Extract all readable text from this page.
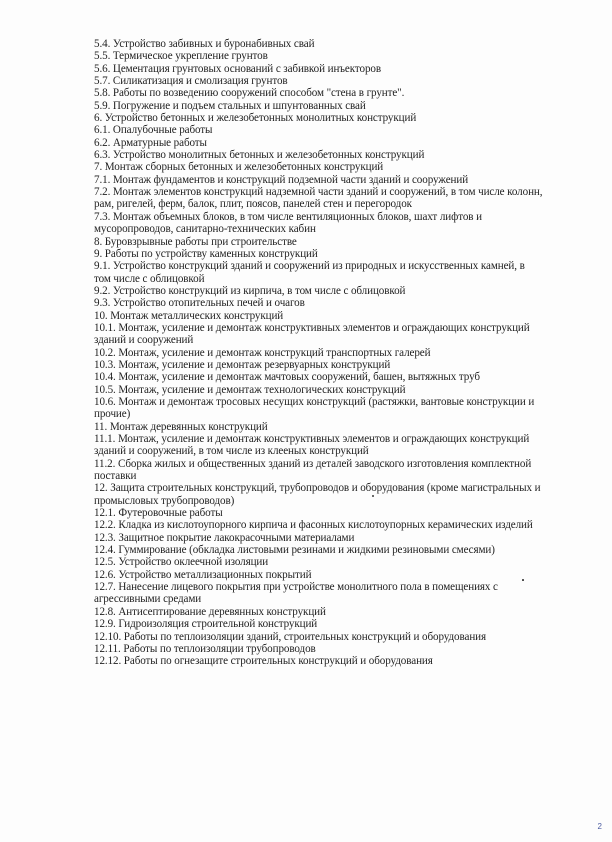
5.4. Устройство забивных и буронабивных свай
5.5. Термическое укрепление грунтов
5.6. Цементация грунтовых оснований с забивкой инъекторов
5.7. Силикатизация и смолизация грунтов
5.8. Работы по возведению сооружений способом "стена в грунте".
5.9. Погружение и подъем стальных и шпунтованных свай
6. Устройство бетонных и железобетонных монолитных конструкций
6.1. Опалубочные работы
6.2. Арматурные работы
6.3. Устройство монолитных бетонных и железобетонных конструкций
7. Монтаж сборных бетонных и железобетонных конструкций
7.1. Монтаж фундаментов и конструкций подземной части зданий и сооружений
7.2. Монтаж элементов конструкций надземной части зданий и сооружений, в том числе колонн, рам, ригелей, ферм, балок, плит, поясов, панелей стен и перегородок
7.3. Монтаж объемных блоков, в том числе вентиляционных блоков, шахт лифтов и мусоропроводов, санитарно-технических кабин
8. Буровзрывные работы при строительстве
9. Работы по устройству каменных конструкций
9.1. Устройство конструкций зданий и сооружений из природных и искусственных камней, в том числе с облицовкой
9.2. Устройство конструкций из кирпича, в том числе с облицовкой
9.3. Устройство отопительных печей и очагов
10. Монтаж металлических конструкций
10.1. Монтаж, усиление и демонтаж конструктивных элементов и ограждающих конструкций зданий и сооружений
10.2. Монтаж, усиление и демонтаж конструкций транспортных галерей
10.3. Монтаж, усиление и демонтаж резервуарных конструкций
10.4. Монтаж, усиление и демонтаж мачтовых сооружений, башен, вытяжных труб
10.5. Монтаж, усиление и демонтаж технологических конструкций
10.6. Монтаж и демонтаж тросовых несущих конструкций (растяжки, вантовые конструкции и прочие)
11. Монтаж деревянных конструкций
11.1. Монтаж, усиление и демонтаж конструктивных элементов и ограждающих конструкций зданий и сооружений, в том числе из клееных конструкций
11.2. Сборка жилых и общественных зданий из деталей заводского изготовления комплектной поставки
12. Защита строительных конструкций, трубопроводов и оборудования (кроме магистральных и промысловых трубопроводов)
12.1. Футеровочные работы
12.2. Кладка из кислотоупорного кирпича и фасонных кислотоупорных керамических изделий
12.3. Защитное покрытие лакокрасочными материалами
12.4. Гуммирование (обкладка листовыми резинами и жидкими резиновыми смесями)
12.5. Устройство оклеечной изоляции
12.6. Устройство металлизационных покрытий
12.7. Нанесение лицевого покрытия при устройстве монолитного пола в помещениях с агрессивными средами
12.8. Антисептирование деревянных конструкций
12.9. Гидроизоляция строительной конструкций
12.10. Работы по теплоизоляции зданий, строительных конструкций и оборудования
12.11. Работы по теплоизоляции трубопроводов
12.12. Работы по огнезащите строительных конструкций и оборудования
2
